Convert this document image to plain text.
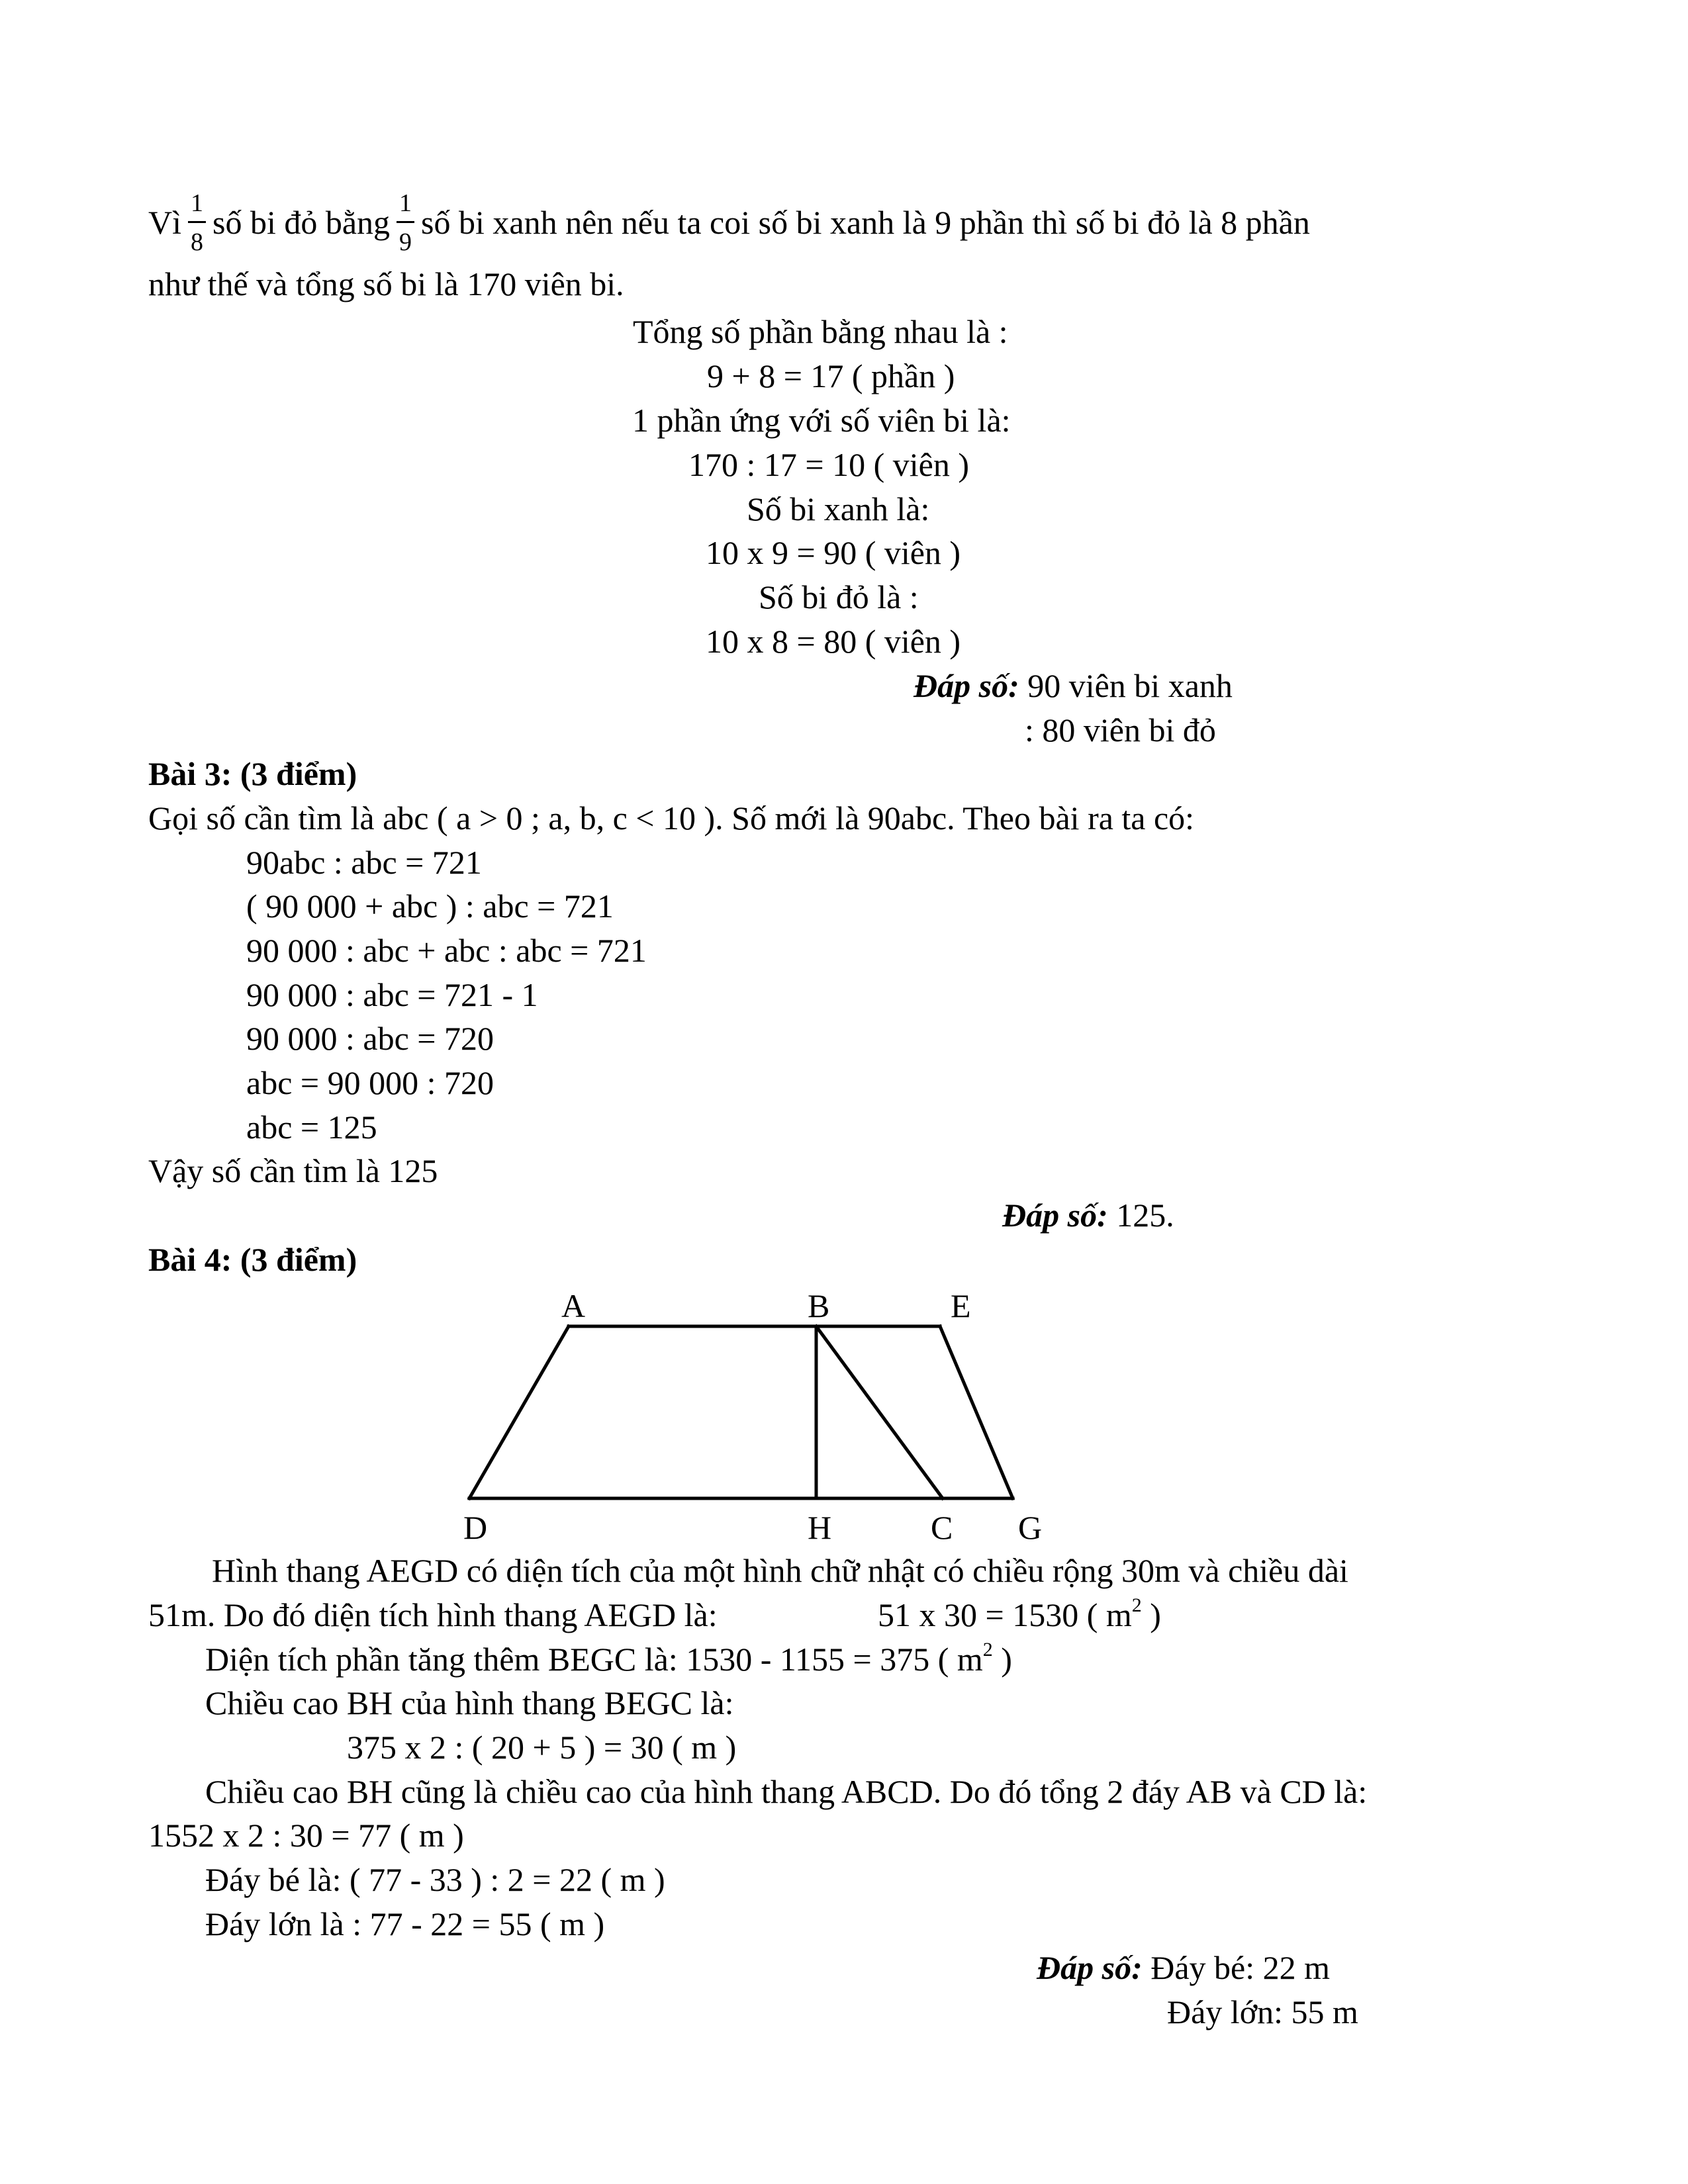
Vì $\frac{1}{8}$ số bi đỏ bằng $\frac{1}{9}$ số bi xanh nên nếu ta coi số bi xanh là 9 phần thì số bi đỏ là 8 phần
như thế và tổng số bi là 170 viên bi.
Tổng số phần bằng nhau là :
9 + 8 = 17 ( phần )
1 phần ứng với số viên bi là:
170 : 17 = 10 ( viên )
Số bi xanh là:
10 x 9 = 90 ( viên )
Số bi đỏ là :
10 x 8 = 80 ( viên )
Đáp số: 90 viên bi xanh
: 80 viên bi đỏ
Bài 3: (3 điểm)
Gọi số cần tìm là abc ( a > 0 ; a, b, c < 10 ). Số mới là 90abc. Theo bài ra ta có:
90abc : abc = 721
( 90 000 + abc ) : abc = 721
90 000 : abc + abc : abc = 721
90 000 : abc = 721 - 1
90 000 : abc = 720
abc = 90 000 : 720
abc = 125
Vậy số cần tìm là 125
Đáp số: 125.
Bài 4: (3 điểm)
A	B	E
D	H	C G
Hình thang AEGD có diện tích của một hình chữ nhật có chiều rộng 30m và chiều dài
51m. Do đó diện tích hình thang AEGD là:	51 x 30 = 1530 ( $m^2$ )
Diện tích phần tăng thêm BEGC là: 1530 - 1155 = 375 ( $m^2$ )
Chiều cao BH của hình thang BEGC là:
375 x 2 : ( 20 + 5 ) = 30 ( m )
Chiều cao BH cũng là chiều cao của hình thang ABCD. Do đó tổng 2 đáy AB và CD là:
1552 x 2 : 30 = 77 ( m )
Đáy bé là: ( 77 - 33 ) : 2 = 22 ( m )
Đáy lớn là : 77 - 22 = 55 ( m )
Đáp số: Đáy bé: 22 m
Đáy lớn: 55 m
